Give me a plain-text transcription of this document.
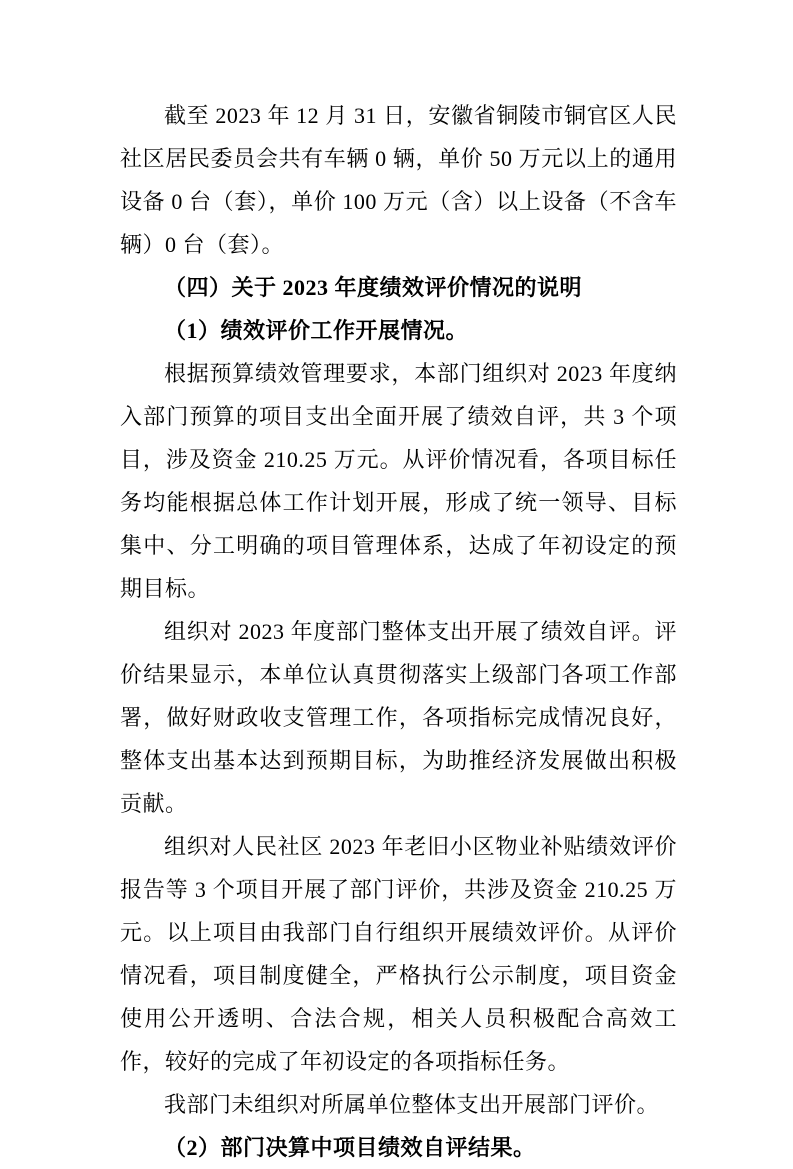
截至 2023 年 12 月 31 日，安徽省铜陵市铜官区人民社区居民委员会共有车辆 0 辆，单价 50 万元以上的通用设备 0 台（套），单价 100 万元（含）以上设备（不含车辆）0 台（套）。

（四）关于 2023 年度绩效评价情况的说明

（1）绩效评价工作开展情况。

根据预算绩效管理要求，本部门组织对 2023 年度纳入部门预算的项目支出全面开展了绩效自评，共 3 个项目，涉及资金 210.25 万元。从评价情况看，各项目标任务均能根据总体工作计划开展，形成了统一领导、目标集中、分工明确的项目管理体系，达成了年初设定的预期目标。

组织对 2023 年度部门整体支出开展了绩效自评。评价结果显示，本单位认真贯彻落实上级部门各项工作部署，做好财政收支管理工作，各项指标完成情况良好，整体支出基本达到预期目标，为助推经济发展做出积极贡献。

组织对人民社区 2023 年老旧小区物业补贴绩效评价报告等 3 个项目开展了部门评价，共涉及资金 210.25 万元。以上项目由我部门自行组织开展绩效评价。从评价情况看，项目制度健全，严格执行公示制度，项目资金使用公开透明、合法合规，相关人员积极配合高效工作，较好的完成了年初设定的各项指标任务。

我部门未组织对所属单位整体支出开展部门评价。

（2）部门决算中项目绩效自评结果。
